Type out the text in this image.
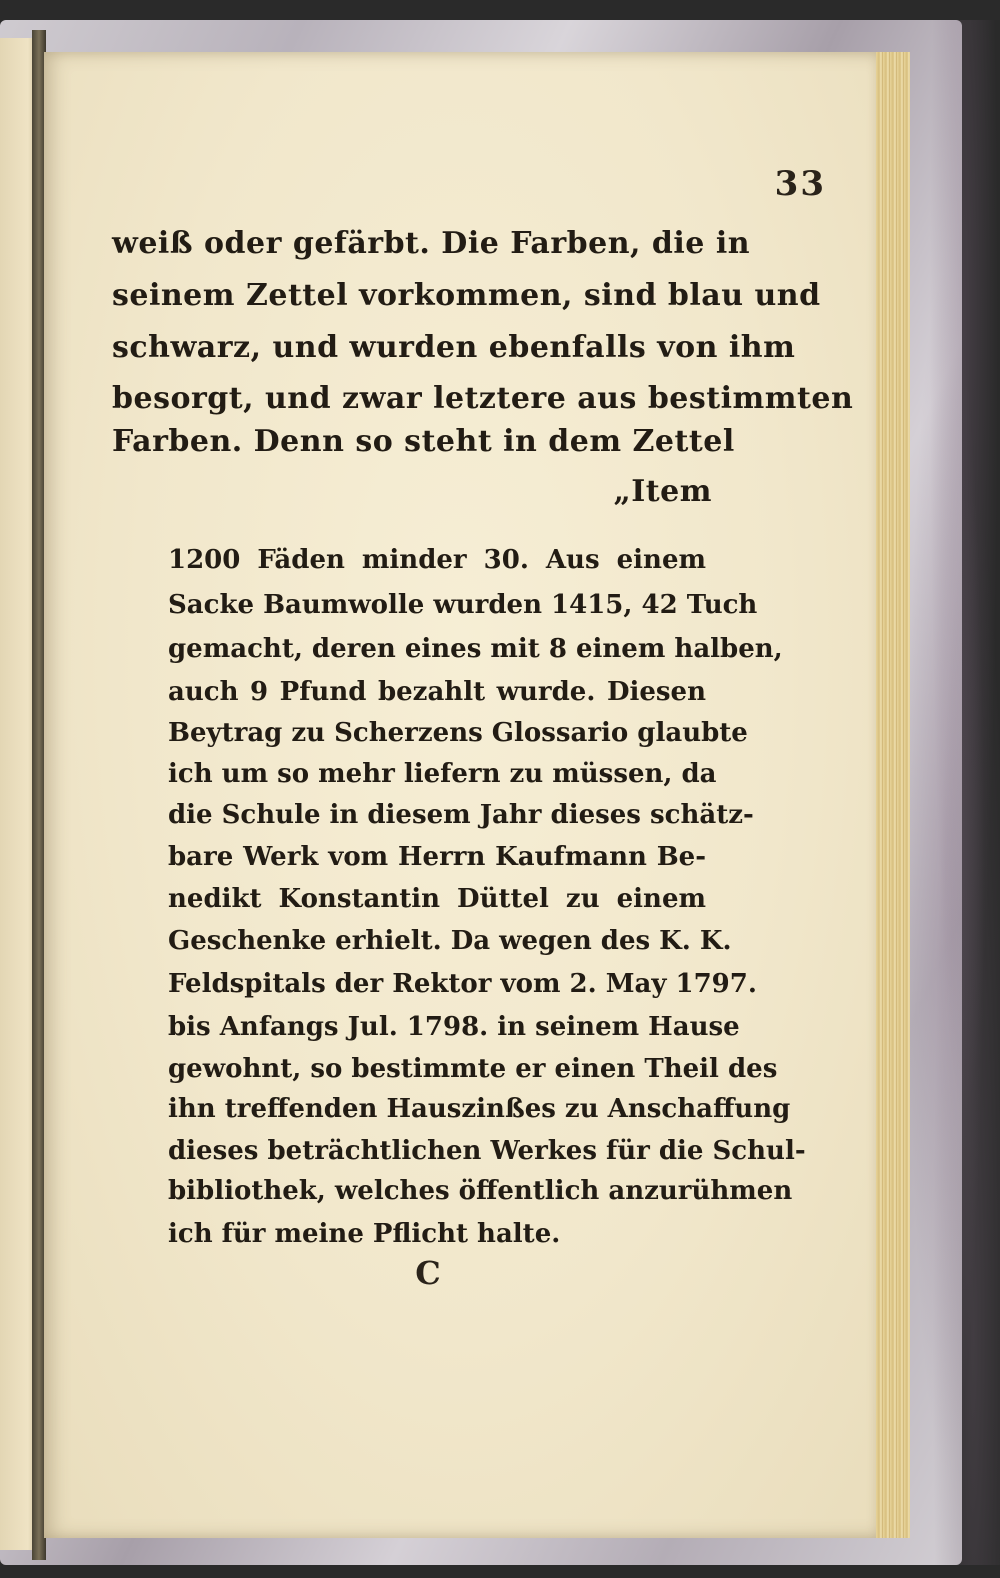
33

weiß oder gefärbt. Die Farben, die in

seinem Zettel vorkommen, sind blau und

schwarz, und wurden ebenfalls von ihm

besorgt, und zwar letztere aus bestimmten

Farben. Denn so steht in dem Zettel

„Item

1200 Fäden minder 30. Aus einem

Sacke Baumwolle wurden 1415, 42 Tuch

gemacht, deren eines mit 8 einem halben,

auch 9 Pfund bezahlt wurde. Diesen

Beytrag zu Scherzens Glossario glaubte

ich um so mehr liefern zu müssen, da

die Schule in diesem Jahr dieses schätz-

bare Werk vom Herrn Kaufmann Be-

nedikt Konstantin Düttel zu einem

Geschenke erhielt. Da wegen des K. K.

Feldspitals der Rektor vom 2. May 1797.

bis Anfangs Jul. 1798. in seinem Hause

gewohnt, so bestimmte er einen Theil des

ihn treffenden Hauszinßes zu Anschaffung

dieses beträchtlichen Werkes für die Schul-

bibliothek, welches öffentlich anzurühmen

ich für meine Pflicht halte.

C
